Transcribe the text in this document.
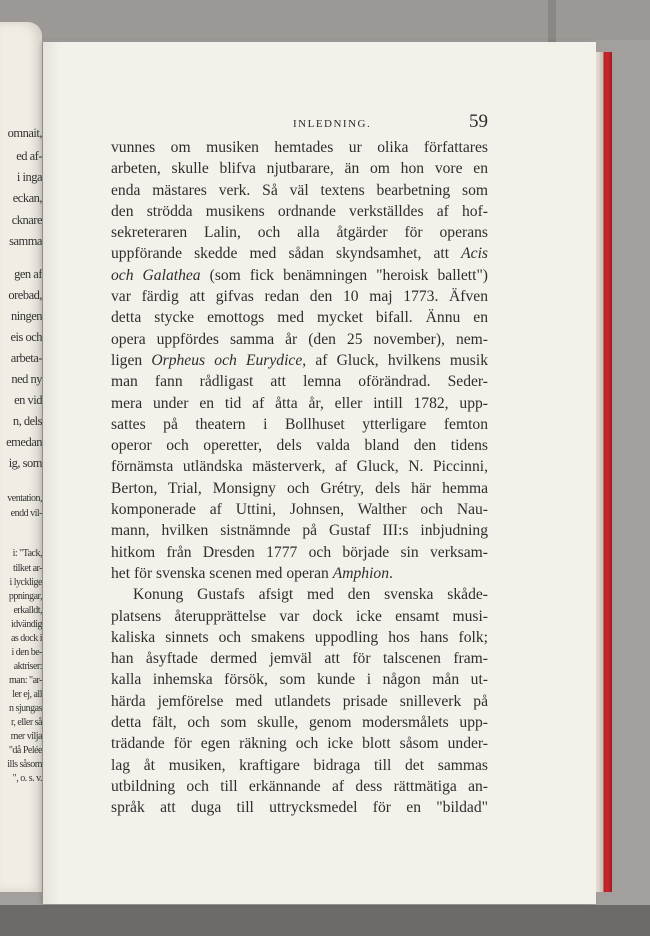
omnait,
ed af-
i inga
eckan,
cknare
samma
gen af
orebad,
ningen
eis och
arbeta-
ned ny
en vid
n, dels
emedan
ig, som
ventation,
endd vil-
i: "Tack,
tilket ar-
i lycklige
ppningar,
erkalldt,
idvändig
as dock i
i den be-
aktriser:
man: "ar-
ler ej, all
n sjungas
r, eller så
mer vilja
"då Pelée
ills såsom
", o. s. v.
INLEDNING.	59
vunnes om musiken hemtades ur olika författares
arbeten, skulle blifva njutbarare, än om hon vore en
enda mästares verk. Så väl textens bearbetning som
den strödda musikens ordnande verkställdes af hof-
sekreteraren Lalin, och alla åtgärder för operans
uppförande skedde med sådan skyndsamhet, att Acis
och Galathea (som fick benämningen "heroisk ballett")
var färdig att gifvas redan den 10 maj 1773. Äfven
detta stycke emottogs med mycket bifall. Ännu en
opera uppfördes samma år (den 25 november), nem-
ligen Orpheus och Eurydice, af Gluck, hvilkens musik
man fann rådligast att lemna oförändrad. Seder-
mera under en tid af åtta år, eller intill 1782, upp-
sattes på theatern i Bollhuset ytterligare femton
operor och operetter, dels valda bland den tidens
förnämsta utländska mästerverk, af Gluck, N. Piccinni,
Berton, Trial, Monsigny och Grétry, dels här hemma
komponerade af Uttini, Johnsen, Walther och Nau-
mann, hvilken sistnämnde på Gustaf III:s inbjudning
hitkom från Dresden 1777 och började sin verksam-
het för svenska scenen med operan Amphion.
Konung Gustafs afsigt med den svenska skåde-
platsens återupprättelse var dock icke ensamt musi-
kaliska sinnets och smakens uppodling hos hans folk;
han åsyftade dermed jemväl att för talscenen fram-
kalla inhemska försök, som kunde i någon mån ut-
härda jemförelse med utlandets prisade snilleverk på
detta fält, och som skulle, genom modersmålets upp-
trädande för egen räkning och icke blott såsom under-
lag åt musiken, kraftigare bidraga till det sammas
utbildning och till erkännande af dess rättmätiga an-
språk att duga till uttrycksmedel för en "bildad"
